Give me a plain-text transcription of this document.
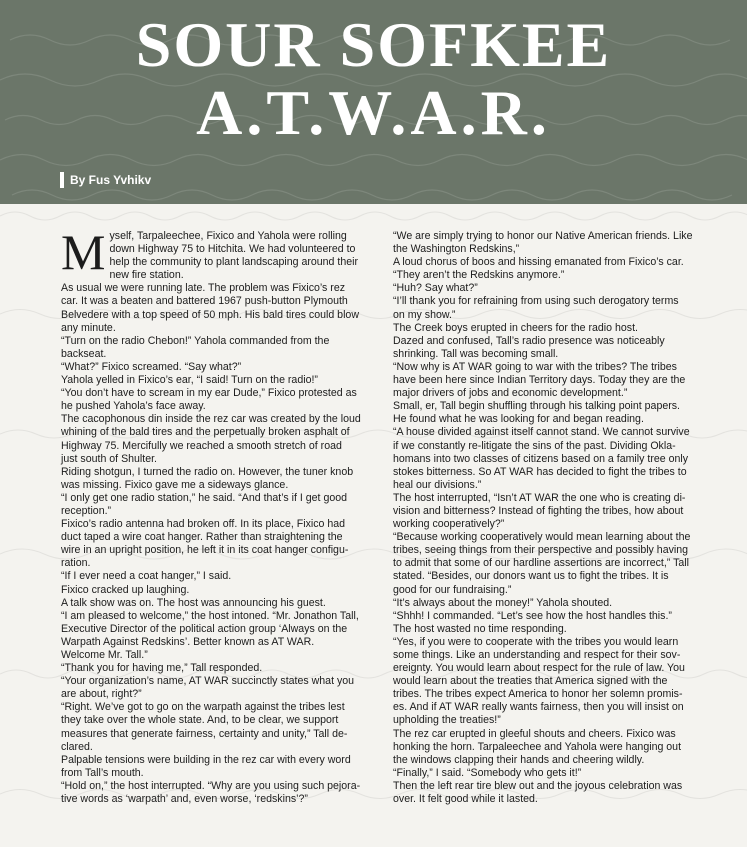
SOUR SOFKEE
A.T.W.A.R.
By Fus Yvhikv

Myself, Tarpaleechee, Fixico and Yahola were rolling down Highway 75 to Hitchita. We had volunteered to help the community to plant landscaping around their new fire station.

As usual we were running late. The problem was Fixico’s rez car. It was a beaten and battered 1967 push-button Plymouth Belvedere with a top speed of 50 mph. His bald tires could blow any minute.

“Turn on the radio Chebon!” Yahola commanded from the backseat.

“What?” Fixico screamed. “Say what?”

Yahola yelled in Fixico’s ear, “I said! Turn on the radio!”

“You don’t have to scream in my ear Dude,” Fixico protested as he pushed Yahola’s face away.

The cacophonous din inside the rez car was created by the loud whining of the bald tires and the perpetually broken asphalt of Highway 75. Mercifully we reached a smooth stretch of road just south of Shulter.

Riding shotgun, I turned the radio on. However, the tuner knob was missing. Fixico gave me a sideways glance.

“I only get one radio station,” he said. “And that’s if I get good reception.”

Fixico’s radio antenna had broken off. In its place, Fixico had duct taped a wire coat hanger. Rather than straightening the wire in an upright position, he left it in its coat hanger configu-ration.

“If I ever need a coat hanger,” I said.

Fixico cracked up laughing.

A talk show was on. The host was announcing his guest.

“I am pleased to welcome,” the host intoned. “Mr. Jonathon Tall, Executive Director of the political action group ‘Always on the Warpath Against Redskins’. Better known as AT WAR. Welcome Mr. Tall.”

“Thank you for having me,” Tall responded.

“Your organization’s name, AT WAR succinctly states what you are about, right?”

“Right. We’ve got to go on the warpath against the tribes lest they take over the whole state. And, to be clear, we support measures that generate fairness, certainty and unity,” Tall de-clared.

Palpable tensions were building in the rez car with every word from Tall’s mouth.

“Hold on,” the host interrupted. “Why are you using such pejora-tive words as ‘warpath’ and, even worse, ‘redskins’?”

“We are simply trying to honor our Native American friends. Like the Washington Redskins,”

A loud chorus of boos and hissing emanated from Fixico’s car.

“They aren’t the Redskins anymore.”

“Huh? Say what?”

“I’ll thank you for refraining from using such derogatory terms on my show.”

The Creek boys erupted in cheers for the radio host.

Dazed and confused, Tall’s radio presence was noticeably shrinking. Tall was becoming small.

“Now why is AT WAR going to war with the tribes? The tribes have been here since Indian Territory days. Today they are the major drivers of jobs and economic development.”

Small, er, Tall begin shuffling through his talking point papers. He found what he was looking for and began reading.

“A house divided against itself cannot stand. We cannot survive if we constantly re-litigate the sins of the past. Dividing Okla-homans into two classes of citizens based on a family tree only stokes bitterness. So AT WAR has decided to fight the tribes to heal our divisions.”

The host interrupted, “Isn’t AT WAR the one who is creating di-vision and bitterness? Instead of fighting the tribes, how about working cooperatively?”

“Because working cooperatively would mean learning about the tribes, seeing things from their perspective and possibly having to admit that some of our hardline assertions are incorrect,” Tall stated. “Besides, our donors want us to fight the tribes. It is good for our fundraising.”

“It’s always about the money!” Yahola shouted.

“Shhh! I commanded. “Let’s see how the host handles this.”

The host wasted no time responding.

“Yes, if you were to cooperate with the tribes you would learn some things. Like an understanding and respect for their sov-ereignty. You would learn about respect for the rule of law. You would learn about the treaties that America signed with the tribes. The tribes expect America to honor her solemn promis-es. And if AT WAR really wants fairness, then you will insist on upholding the treaties!”

The rez car erupted in gleeful shouts and cheers. Fixico was honking the horn. Tarpaleechee and Yahola were hanging out the windows clapping their hands and cheering wildly.

“Finally,” I said. “Somebody who gets it!”

Then the left rear tire blew out and the joyous celebration was over. It felt good while it lasted.
